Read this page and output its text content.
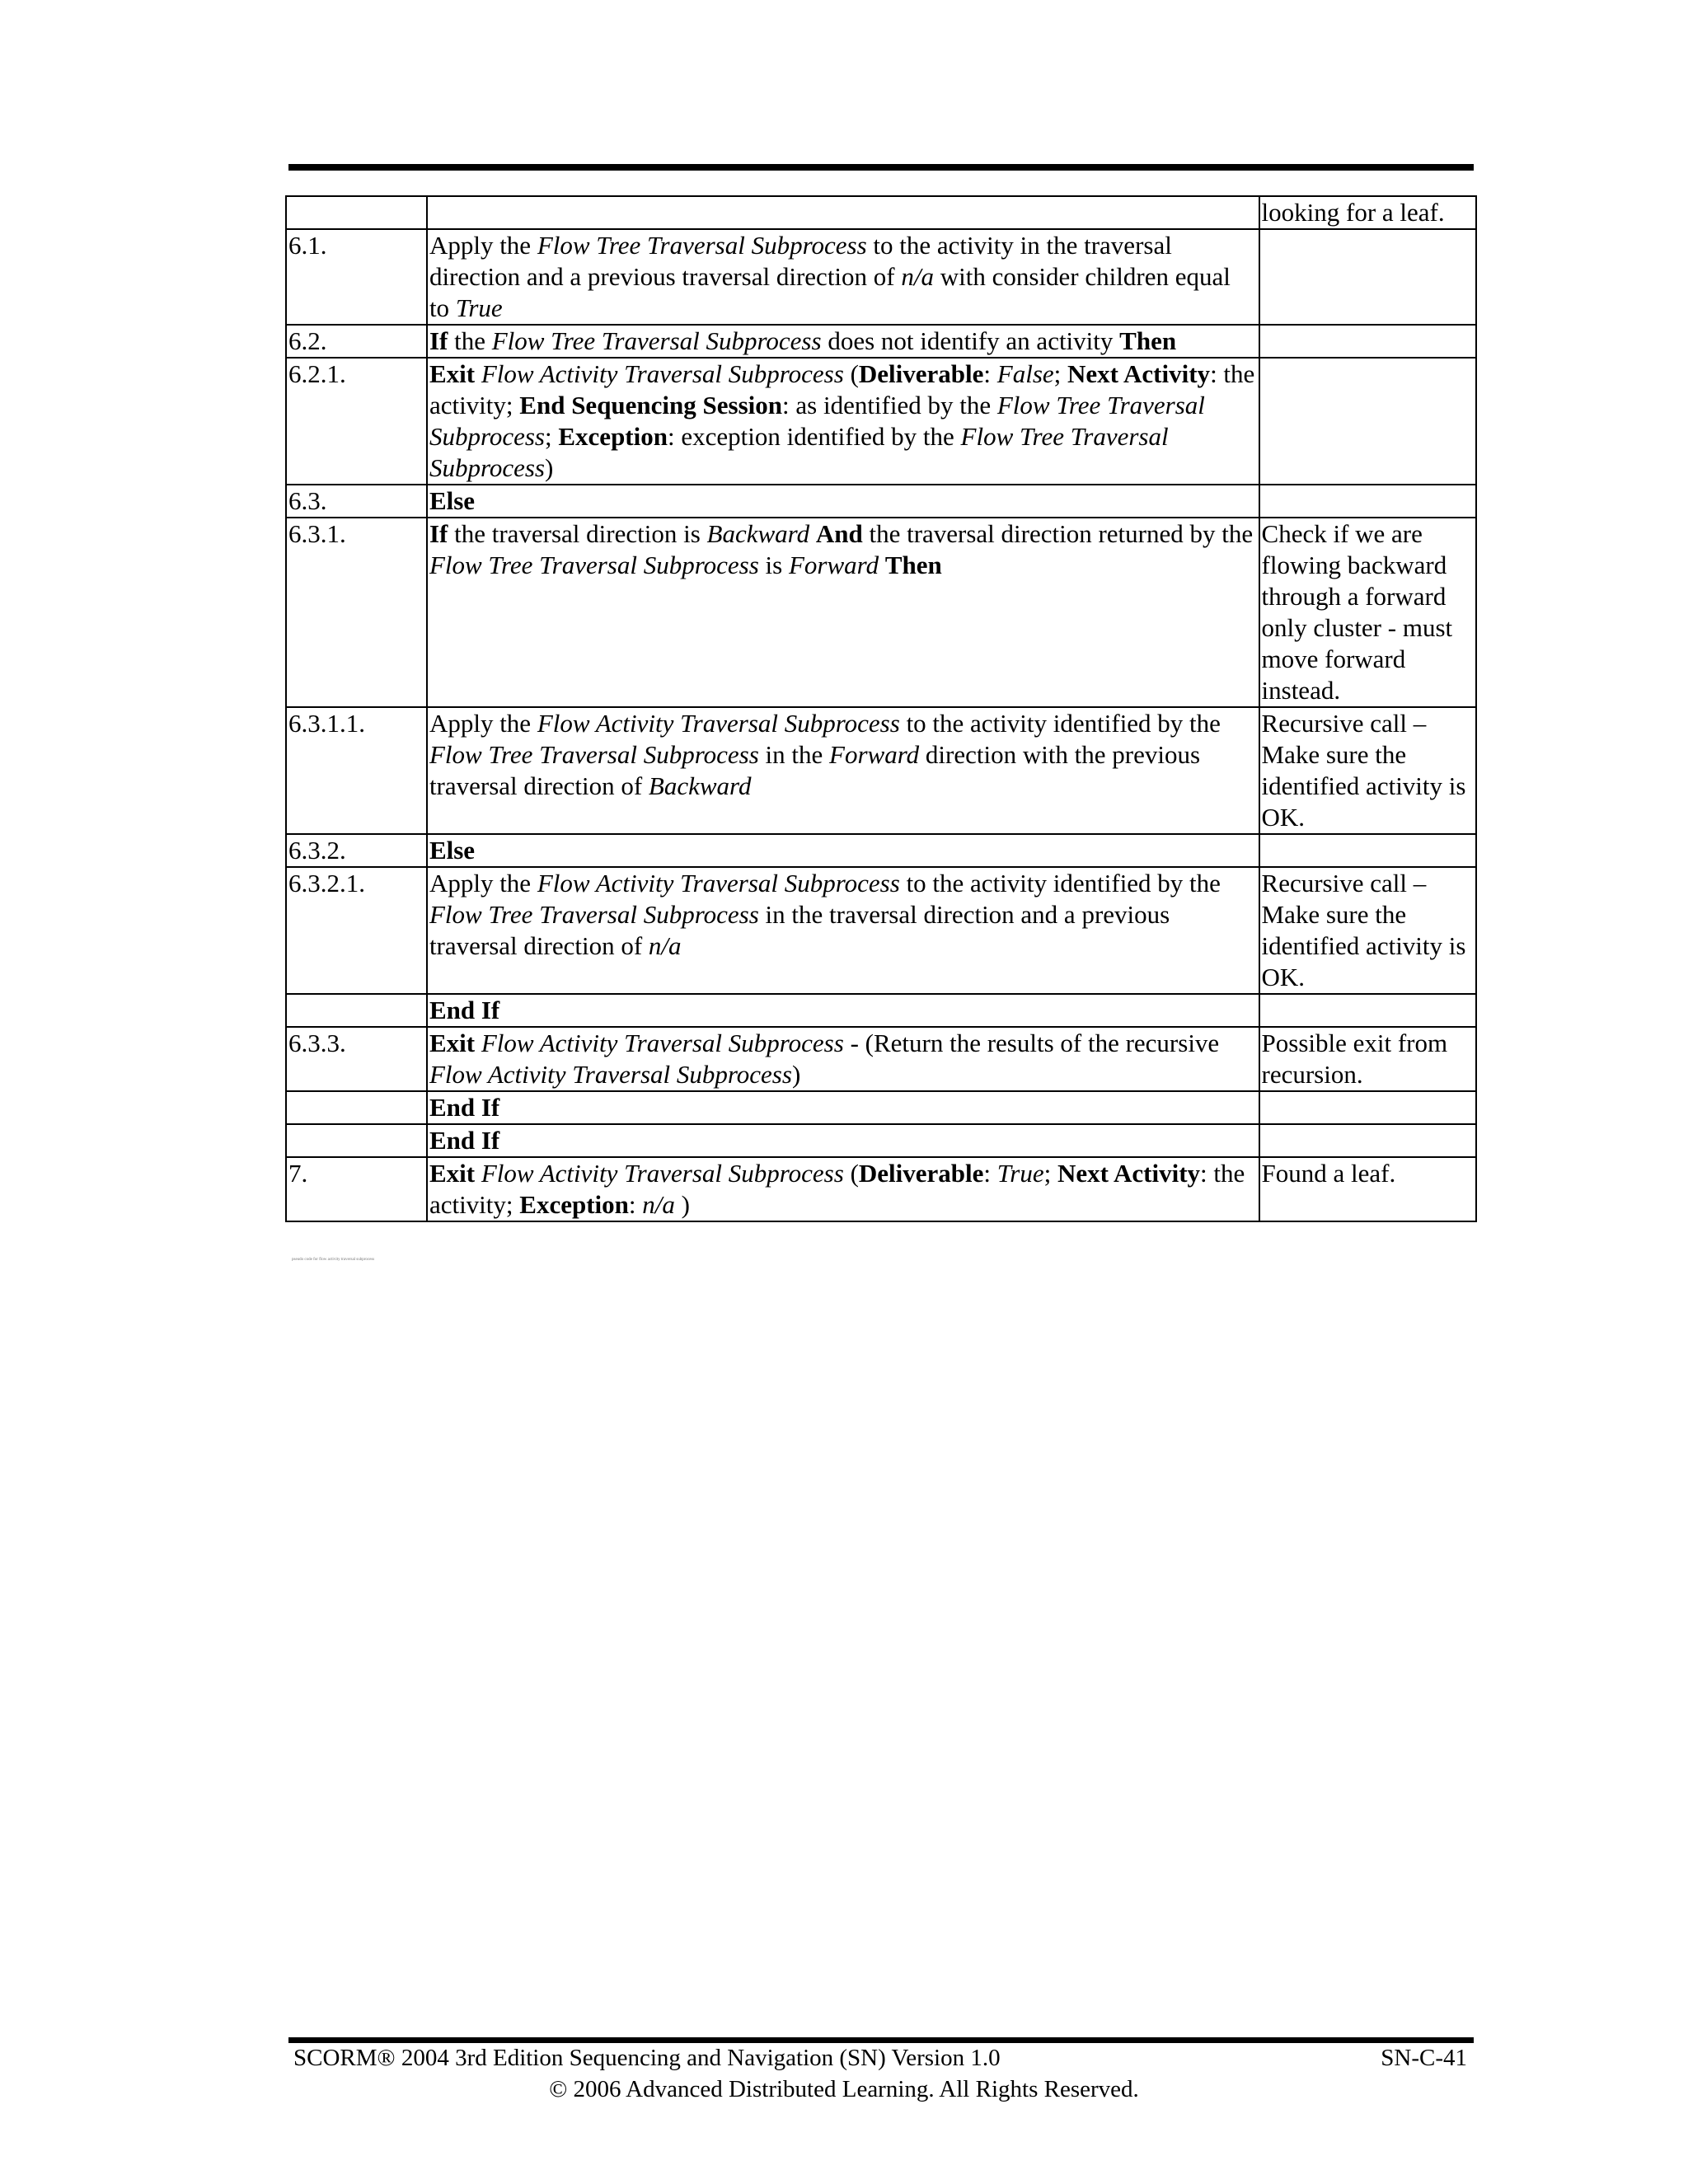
		looking for a leaf.
6.1.	Apply the Flow Tree Traversal Subprocess to the activity in the traversal direction and a previous traversal direction of n/a with consider children equal to True	
6.2.	If the Flow Tree Traversal Subprocess does not identify an activity Then	
6.2.1.	Exit Flow Activity Traversal Subprocess (Deliverable: False; Next Activity: the activity; End Sequencing Session: as identified by the Flow Tree Traversal Subprocess; Exception: exception identified by the Flow Tree Traversal Subprocess)	
6.3.	Else	
6.3.1.	If the traversal direction is Backward And the traversal direction returned by the Flow Tree Traversal Subprocess is Forward Then	Check if we are flowing backward through a forward only cluster - must move forward instead.
6.3.1.1.	Apply the Flow Activity Traversal Subprocess to the activity identified by the Flow Tree Traversal Subprocess in the Forward direction with the previous traversal direction of Backward	Recursive call – Make sure the identified activity is OK.
6.3.2.	Else	
6.3.2.1.	Apply the Flow Activity Traversal Subprocess to the activity identified by the Flow Tree Traversal Subprocess in the traversal direction and a previous traversal direction of n/a	Recursive call – Make sure the identified activity is OK.
	End If	
6.3.3.	Exit Flow Activity Traversal Subprocess - (Return the results of the recursive Flow Activity Traversal Subprocess)	Possible exit from recursion.
	End If	
	End If	
7.	Exit Flow Activity Traversal Subprocess (Deliverable: True; Next Activity: the activity; Exception: n/a )	Found a leaf.
pseudo code for flow activity traversal subprocess
SCORM® 2004 3rd Edition Sequencing and Navigation (SN) Version 1.0	SN-C-41
© 2006 Advanced Distributed Learning. All Rights Reserved.
